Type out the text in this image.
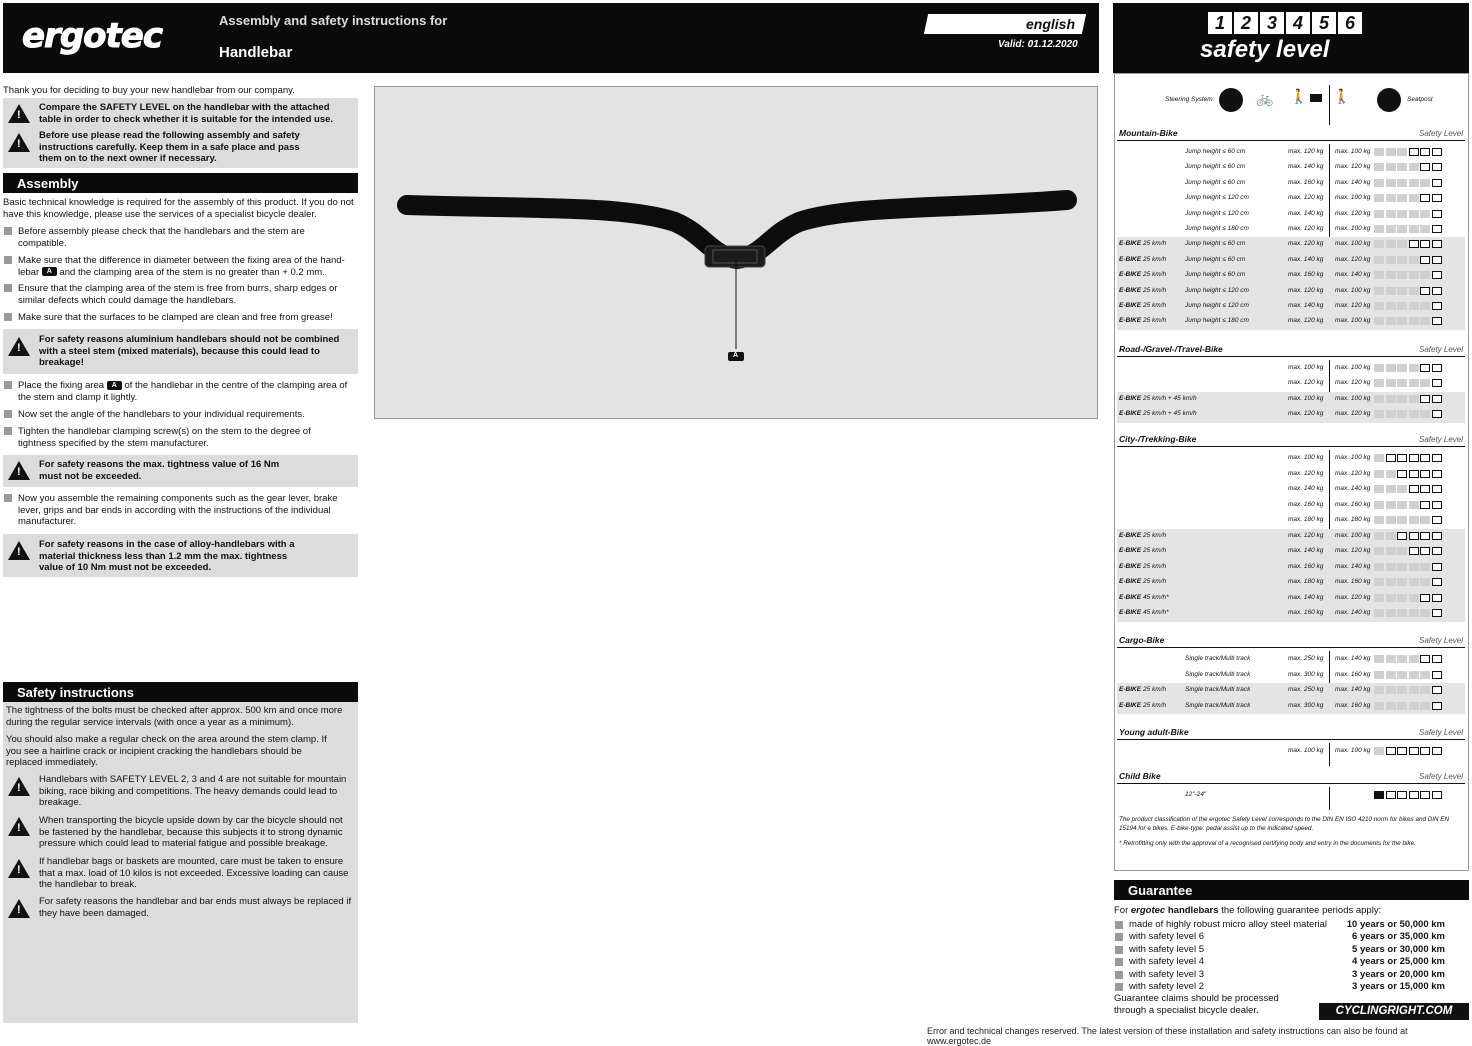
ergotec	Assembly and safety instructions for
Handlebar
english
Valid: 01.12.2020
1 2 3 4 5 6
safety level
Thank you for deciding to buy your new handlebar from our company.
!
Compare the SAFETY LEVEL on the handlebar with the attached table in order to check whether it is suitable for the intended use.
!
Before use please read the following assembly and safety instructions carefully. Keep them in a safe place and pass them on to the next owner if necessary.
Assembly
Basic technical knowledge is required for the assembly of this product. If you do not have this knowledge, please use the services of a specialist bicycle dealer.
Before assembly please check that the handlebars and the stem are compatible.
Make sure that the difference in diameter between the fixing area of the hand-lebar A and the clamping area of the stem is no greater than + 0.2 mm.
Ensure that the clamping area of the stem is free from burrs, sharp edges or similar defects which could damage the handlebars.
Make sure that the surfaces to be clamped are clean and free from grease!
!
For safety reasons aluminium handlebars should not be combined with a steel stem (mixed materials), because this could lead to breakage!
Place the fixing area A of the handlebar in the centre of the clamping area of the stem and clamp it lightly.
Now set the angle of the handlebars to your individual requirements.
Tighten the handlebar clamping screw(s) on the stem to the degree of tightness specified by the stem manufacturer.
!
For safety reasons the max. tightness value of 16 Nm must not be exceeded.
Now you assemble the remaining components such as the gear lever, brake lever, grips and bar ends in according with the instructions of the individual manufacturer.
!
For safety reasons in the case of alloy-handlebars with a material thickness less than 1.2 mm the max. tightness value of 10 Nm must not be exceeded.
Safety instructions
The tightness of the bolts must be checked after approx. 500 km and once more during the regular service intervals (with once a year as a minimum).
You should also make a regular check on the area around the stem clamp. If you see a hairline crack or incipient cracking the handlebars should be replaced immediately.
!
Handlebars with SAFETY LEVEL 2, 3 and 4 are not suitable for mountain biking, race biking and competitions. The heavy demands could lead to breakage.
!
When transporting the bicycle upside down by car the bicycle should not be fastened by the handlebar, because this subjects it to strong dynamic pressure which could lead to material fatigue and possible breakage.
!
If handlebar bags or baskets are mounted, care must be taken to ensure that a max. load of 10 kilos is not exceeded. Excessive loading can cause the handlebar to break.
!
For safety reasons the handlebar and bar ends must always be replaced if they have been damaged.
A
Steering System	🚲 🚶 🚶	Seatpost
Mountain-Bike	Safety Level
Jump height ≤ 60 cm	max. 120 kg max. 100 kg
Jump height ≤ 60 cm	max. 140 kg max. 120 kg
Jump height ≤ 60 cm	max. 160 kg max. 140 kg
Jump height ≤ 120 cm	max. 120 kg max. 100 kg
Jump height ≤ 120 cm	max. 140 kg max. 120 kg
Jump height ≤ 180 cm	max. 120 kg max. 100 kg
E-BIKE 25 km/h	Jump height ≤ 60 cm	max. 120 kg max. 100 kg
E-BIKE 25 km/h	Jump height ≤ 60 cm	max. 140 kg max. 120 kg
E-BIKE 25 km/h	Jump height ≤ 60 cm	max. 160 kg max. 140 kg
E-BIKE 25 km/h	Jump height ≤ 120 cm	max. 120 kg max. 100 kg
E-BIKE 25 km/h	Jump height ≤ 120 cm	max. 140 kg max. 120 kg
E-BIKE 25 km/h	Jump height ≤ 180 cm	max. 120 kg max. 100 kg
Road-/Gravel-/Travel-Bike	Safety Level
max. 100 kg max. 100 kg
max. 120 kg max. 120 kg
E-BIKE 25 km/h + 45 km/h	max. 100 kg max. 100 kg
E-BIKE 25 km/h + 45 km/h	max. 120 kg max. 120 kg
City-/Trekking-Bike	Safety Level
max. 100 kg max. 100 kg
max. 120 kg max. 120 kg
max. 140 kg max. 140 kg
max. 160 kg max. 160 kg
max. 180 kg max. 180 kg
E-BIKE 25 km/h	max. 120 kg max. 100 kg
E-BIKE 25 km/h	max. 140 kg max. 120 kg
E-BIKE 25 km/h	max. 160 kg max. 140 kg
E-BIKE 25 km/h	max. 180 kg max. 160 kg
E-BIKE 45 km/h*	max. 140 kg max. 120 kg
E-BIKE 45 km/h*	max. 160 kg max. 140 kg
Cargo-Bike	Safety Level
Single track/Multi track	max. 250 kg max. 140 kg
Single track/Multi track	max. 300 kg max. 160 kg
E-BIKE 25 km/h	Single track/Multi track	max. 250 kg max. 140 kg
E-BIKE 25 km/h	Single track/Multi track	max. 300 kg max. 160 kg
Young adult-Bike	Safety Level
max. 100 kg max. 100 kg
Child Bike	Safety Level
12"-24"
The product classification of the ergotec Safety Level corresponds to the DIN EN ISO 4210 norm for bikes and DIN EN 15194 for e bikes. E-bike-type: pedal assist up to the indicated speed.
* Retrofitting only with the approval of a recognised certifying body and entry in the documents for the bike.
Guarantee
For ergotec handlebars the following guarantee periods apply:
made of highly robust micro alloy steel material	10 years or 50,000 km
with safety level 6	6 years or 35,000 km
with safety level 5	5 years or 30,000 km
with safety level 4	4 years or 25,000 km
with safety level 3	3 years or 20,000 km
with safety level 2	3 years or 15,000 km
Guarantee claims should be processed through a specialist bicycle dealer.	CYCLINGRIGHT.COM
Error and technical changes reserved. The latest version of these installation and safety instructions can also be found at www.ergotec.de
